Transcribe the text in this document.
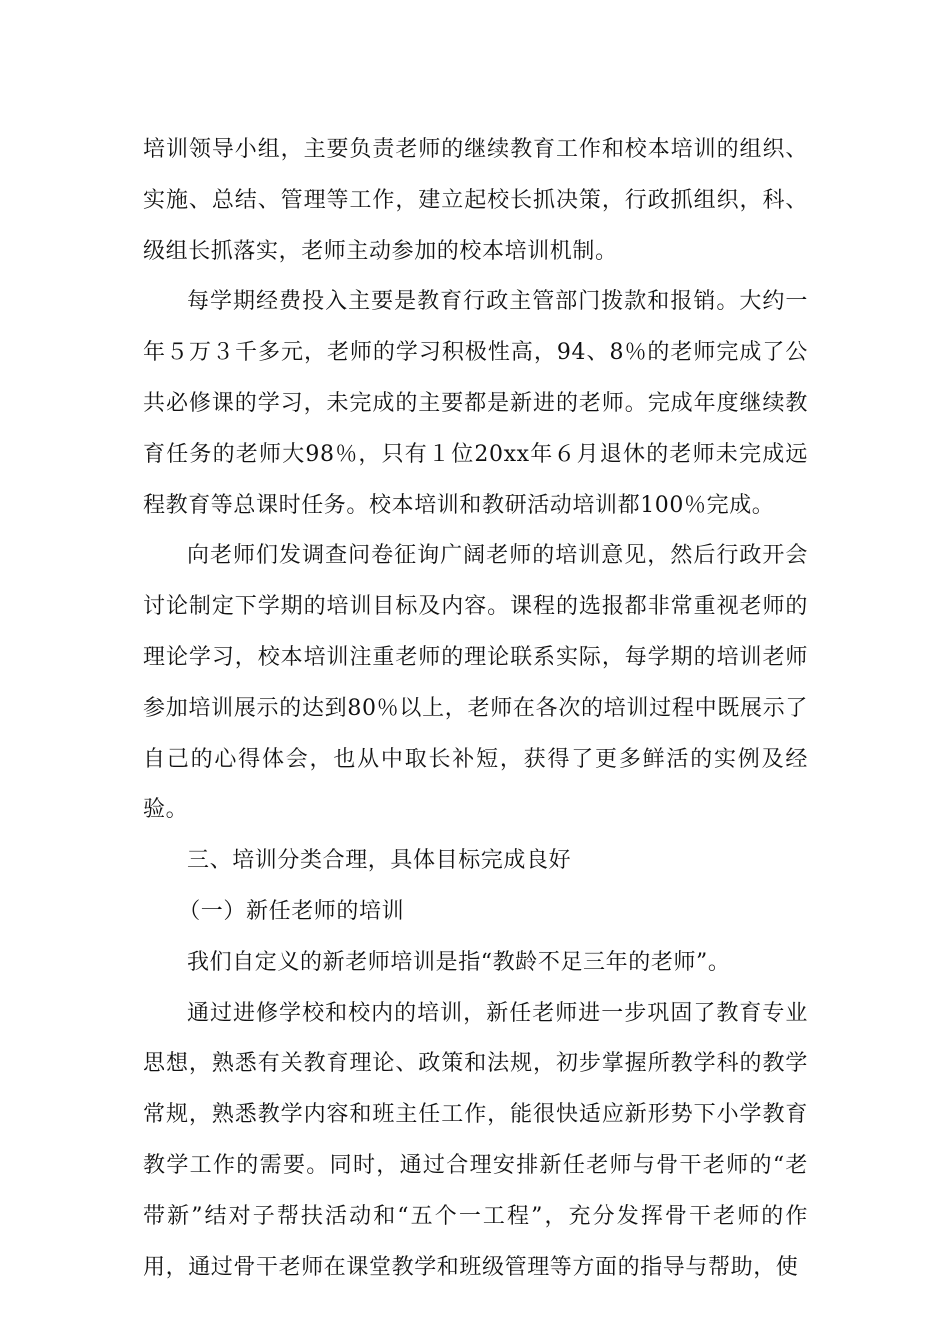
培训领导小组，主要负责老师的继续教育工作和校本培训的组织、实施、总结、管理等工作，建立起校长抓决策，行政抓组织，科、级组长抓落实，老师主动参加的校本培训机制。

每学期经费投入主要是教育行政主管部门拨款和报销。大约一年５万３千多元，老师的学习积极性高，94、8％的老师完成了公共必修课的学习，未完成的主要都是新进的老师。完成年度继续教育任务的老师大98％，只有１位20xx年６月退休的老师未完成远程教育等总课时任务。校本培训和教研活动培训都100％完成。

向老师们发调查问卷征询广阔老师的培训意见，然后行政开会讨论制定下学期的培训目标及内容。课程的选报都非常重视老师的理论学习，校本培训注重老师的理论联系实际，每学期的培训老师参加培训展示的达到80％以上，老师在各次的培训过程中既展示了自己的心得体会，也从中取长补短，获得了更多鲜活的实例及经验。

三、培训分类合理，具体目标完成良好

（一）新任老师的培训

我们自定义的新老师培训是指“教龄不足三年的老师”。

通过进修学校和校内的培训，新任老师进一步巩固了教育专业思想，熟悉有关教育理论、政策和法规，初步掌握所教学科的教学常规，熟悉教学内容和班主任工作，能很快适应新形势下小学教育教学工作的需要。同时，通过合理安排新任老师与骨干老师的“老带新”结对子帮扶活动和“五个一工程”，充分发挥骨干老师的作用，通过骨干老师在课堂教学和班级管理等方面的指导与帮助，使
